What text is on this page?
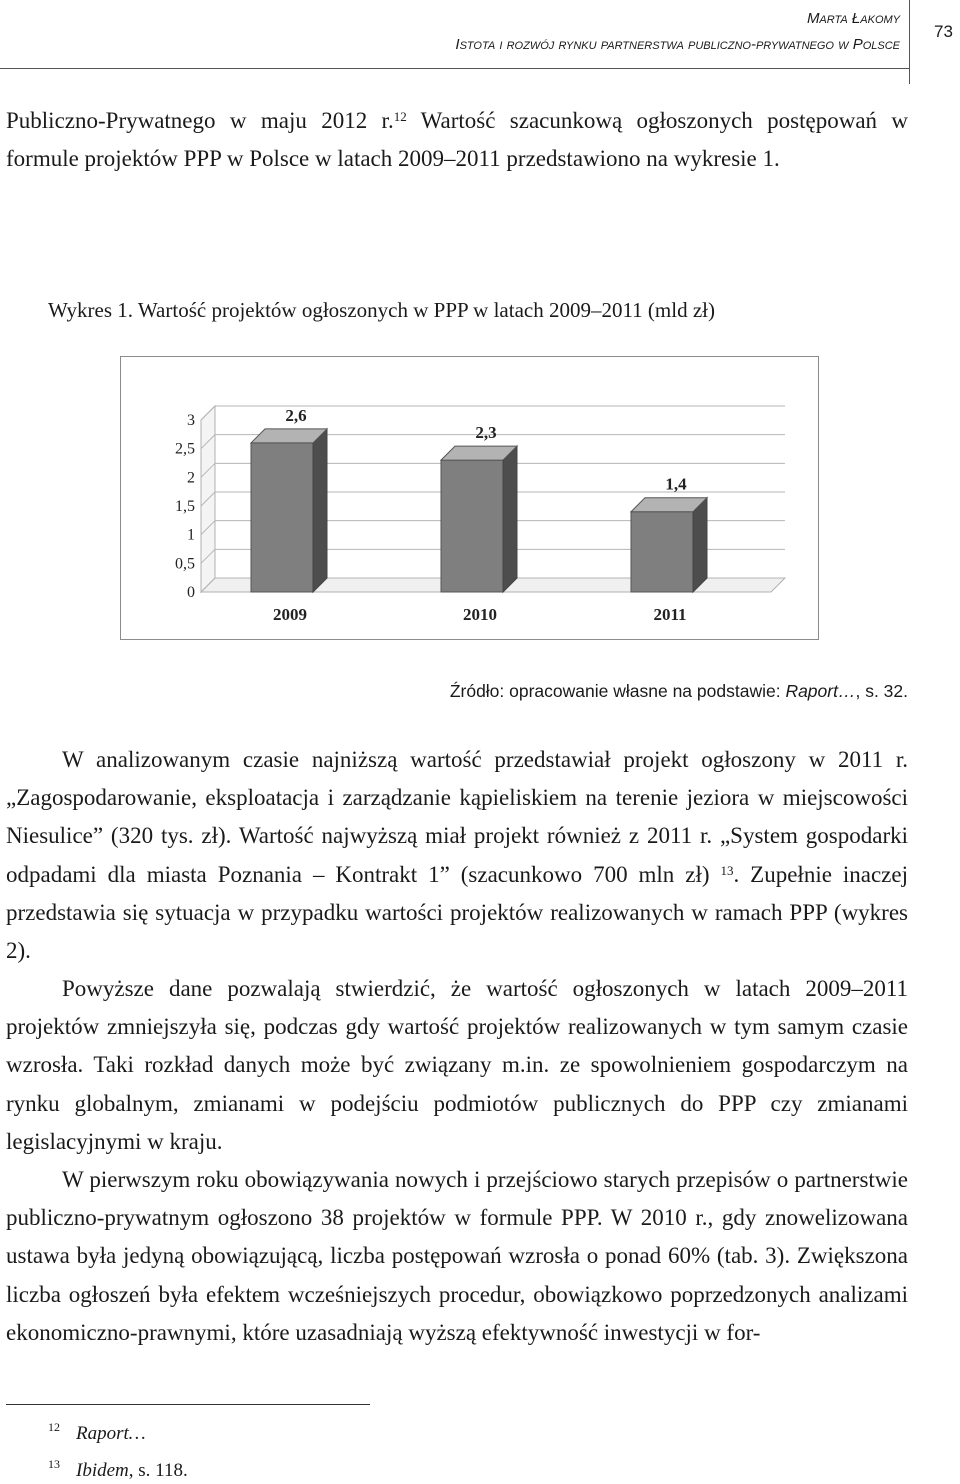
Marta Łakomy
Istota i rozwój rynku partnerstwa publiczno-prywatnego w Polsce
73
Publiczno-Prywatnego w maju 2012 r.$^{12}$ Wartość szacunkową ogłoszonych postępowań w formule projektów PPP w Polsce w latach 2009–2011 przedstawiono na wykresie 1.
Wykres 1. Wartość projektów ogłoszonych w PPP w latach 2009–2011 (mld zł)
0
0,5
1
1,5
2
2,5
3	2,6
2009
2,3
2010
1,4
2011
Źródło: opracowanie własne na podstawie: Raport…, s. 32.
W analizowanym czasie najniższą wartość przedstawiał projekt ogłoszony w 2011 r. „Zagospodarowanie, eksploatacja i zarządzanie kąpieliskiem na terenie jeziora w miejscowości Niesulice” (320 tys. zł). Wartość najwyższą miał projekt również z 2011 r. „System gospodarki odpadami dla miasta Poznania – Kontrakt 1” (szacunkowo 700 mln zł) $^{13}$. Zupełnie inaczej przedstawia się sytuacja w przypadku wartości projektów realizowanych w ramach PPP (wykres 2).
Powyższe dane pozwalają stwierdzić, że wartość ogłoszonych w latach 2009–2011 projektów zmniejszyła się, podczas gdy wartość projektów realizowanych w tym samym czasie wzrosła. Taki rozkład danych może być związany m.in. ze spowolnieniem gospodarczym na rynku globalnym, zmianami w podejściu podmiotów publicznych do PPP czy zmianami legislacyjnymi w kraju.
W pierwszym roku obowiązywania nowych i przejściowo starych przepisów o partnerstwie publiczno-prywatnym ogłoszono 38 projektów w formule PPP. W 2010 r., gdy znowelizowana ustawa była jedyną obowiązującą, liczba postępowań wzrosła o ponad 60% (tab. 3). Zwiększona liczba ogłoszeń była efektem wcześniejszych procedur, obowiązkowo poprzedzonych analizami ekonomiczno-prawnymi, które uzasadniają wyższą efektywność inwestycji w for-
12 Raport…
13 Ibidem, s. 118.
